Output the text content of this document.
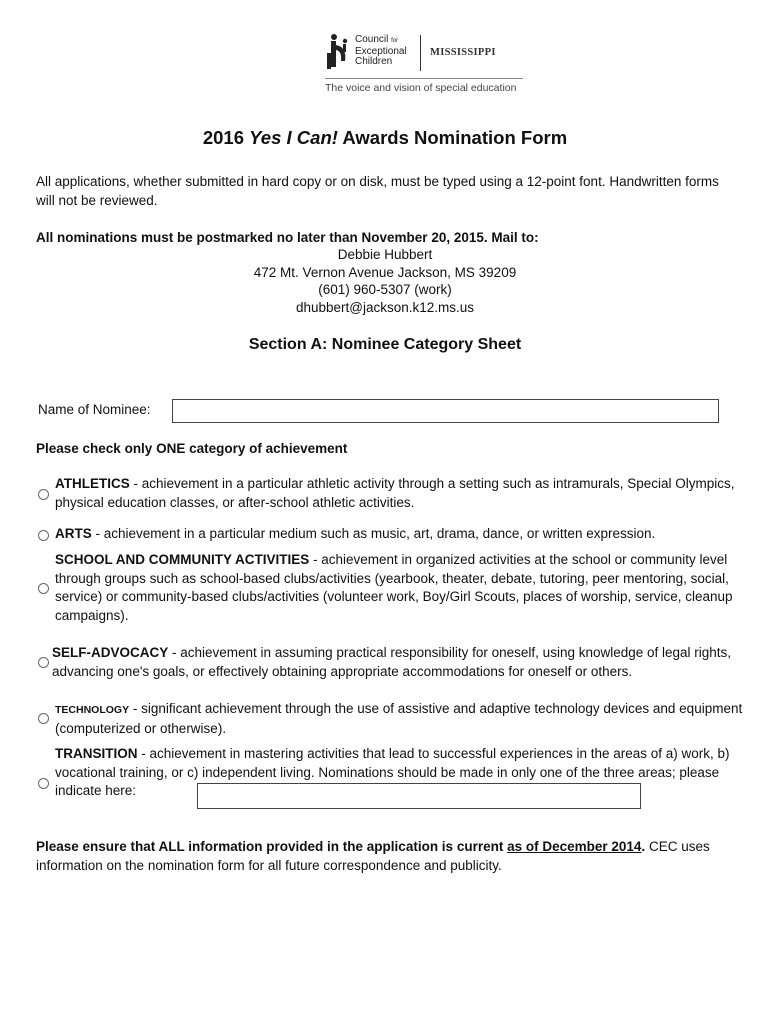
Council for
Exceptional
Children
MISSISSIPPI
The voice and vision of special education
2016 Yes I Can! Awards Nomination Form
All applications, whether submitted in hard copy or on disk, must be typed using a 12-point font. Handwritten forms will not be reviewed.
All nominations must be postmarked no later than November 20, 2015. Mail to:
Debbie Hubbert
472 Mt. Vernon Avenue Jackson, MS 39209
(601) 960-5307 (work)
dhubbert@jackson.k12.ms.us
Section A: Nominee Category Sheet
Name of Nominee:
Please check only ONE category of achievement
ATHLETICS - achievement in a particular athletic activity through a setting such as intramurals, Special Olympics, physical education classes, or after-school athletic activities.
ARTS - achievement in a particular medium such as music, art, drama, dance, or written expression.
SCHOOL AND COMMUNITY ACTIVITIES - achievement in organized activities at the school or community level through groups such as school-based clubs/activities (yearbook, theater, debate, tutoring, peer mentoring, social, service) or community-based clubs/activities (volunteer work, Boy/Girl Scouts, places of worship, service, cleanup campaigns).
SELF-ADVOCACY - achievement in assuming practical responsibility for oneself, using knowledge of legal rights, advancing one's goals, or effectively obtaining appropriate accommodations for oneself or others.
TECHNOLOGY - significant achievement through the use of assistive and adaptive technology devices and equipment (computerized or otherwise).
TRANSITION - achievement in mastering activities that lead to successful experiences in the areas of a) work, b) vocational training, or c) independent living. Nominations should be made in only one of the three areas; please indicate here:
Please ensure that ALL information provided in the application is current as of December 2014. CEC uses information on the nomination form for all future correspondence and publicity.
